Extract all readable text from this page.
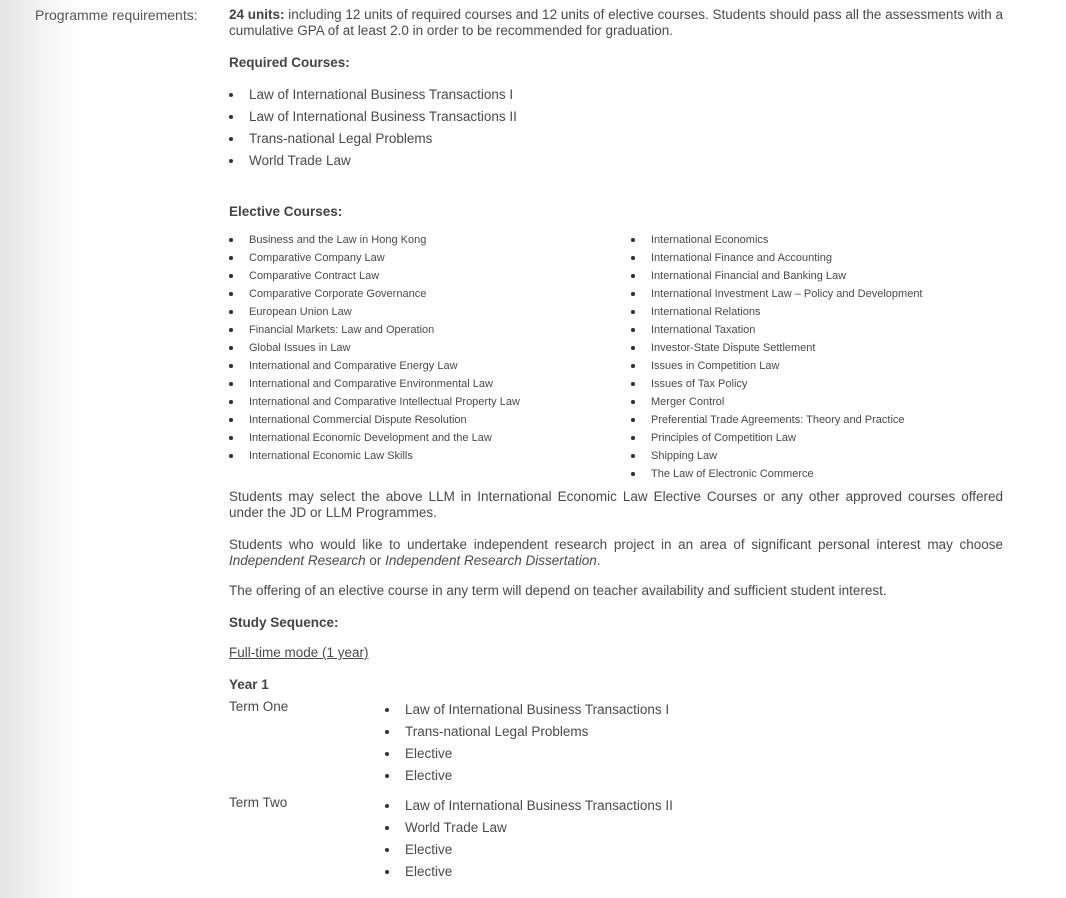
Programme requirements: 24 units: including 12 units of required courses and 12 units of elective courses. Students should pass all the assessments with a cumulative GPA of at least 2.0 in order to be recommended for graduation.

Required Courses:
Law of International Business Transactions I
Law of International Business Transactions II
Trans-national Legal Problems
World Trade Law
Elective Courses:
Business and the Law in Hong Kong
Comparative Company Law
Comparative Contract Law
Comparative Corporate Governance
European Union Law
Financial Markets: Law and Operation
Global Issues in Law
International and Comparative Energy Law
International and Comparative Environmental Law
International and Comparative Intellectual Property Law
International Commercial Dispute Resolution
International Economic Development and the Law
International Economic Law Skills
International Economics
International Finance and Accounting
International Financial and Banking Law
International Investment Law – Policy and Development
International Relations
International Taxation
Investor-State Dispute Settlement
Issues in Competition Law
Issues of Tax Policy
Merger Control
Preferential Trade Agreements: Theory and Practice
Principles of Competition Law
Shipping Law
The Law of Electronic Commerce

Students may select the above LLM in International Economic Law Elective Courses or any other approved courses offered under the JD or LLM Programmes.

Students who would like to undertake independent research project in an area of significant personal interest may choose Independent Research or Independent Research Dissertation.

The offering of an elective course in any term will depend on teacher availability and sufficient student interest.

Study Sequence:
Full-time mode (1 year)
Year 1
Term One	Law of International Business Transactions I
Trans-national Legal Problems
Elective
Elective
Term Two	Law of International Business Transactions II
World Trade Law
Elective
Elective
